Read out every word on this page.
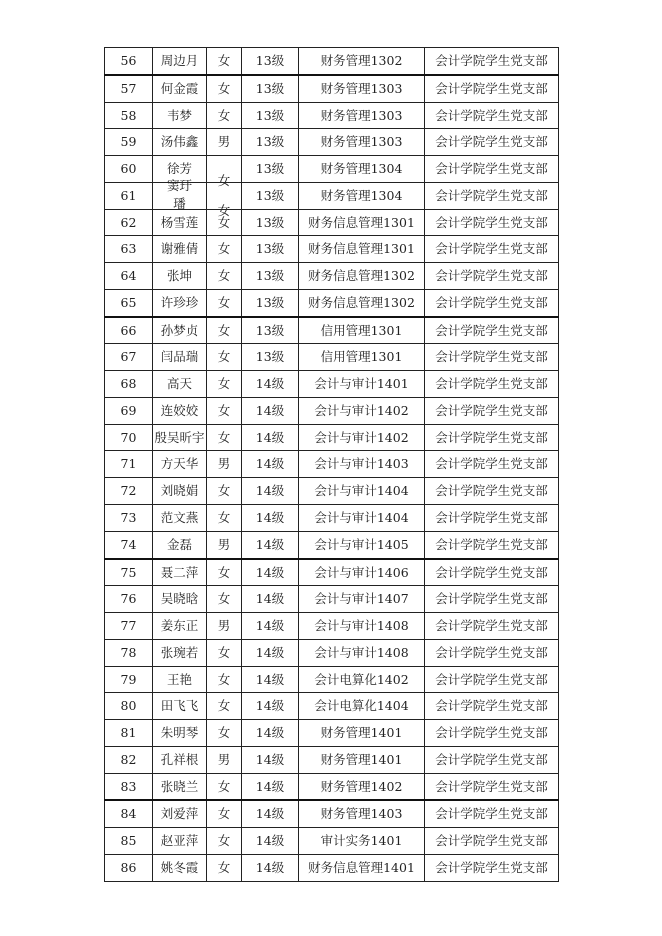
56	周边月	女	13级	财务管理1302	会计学院学生党支部

57	何金霞	女	13级	财务管理1303	会计学院学生党支部

58	韦梦	女	13级	财务管理1303	会计学院学生党支部

59	汤伟鑫	男	13级	财务管理1303	会计学院学生党支部

60	徐芳	女	13级	财务管理1304	会计学院学生党支部

61	窦玗璠	女	13级	财务管理1304	会计学院学生党支部

62	杨雪莲	女	13级	财务信息管理1301	会计学院学生党支部

63	谢雅倩	女	13级	财务信息管理1301	会计学院学生党支部

64	张坤	女	13级	财务信息管理1302	会计学院学生党支部

65	许珍珍	女	13级	财务信息管理1302	会计学院学生党支部

66	孙梦贞	女	13级	信用管理1301	会计学院学生党支部

67	闫品瑞	女	13级	信用管理1301	会计学院学生党支部

68	高天	女	14级	会计与审计1401	会计学院学生党支部

69	连姣姣	女	14级	会计与审计1402	会计学院学生党支部

70	殷吴昕宇	女	14级	会计与审计1402	会计学院学生党支部

71	方天华	男	14级	会计与审计1403	会计学院学生党支部

72	刘晓娟	女	14级	会计与审计1404	会计学院学生党支部

73	范文燕	女	14级	会计与审计1404	会计学院学生党支部

74	金磊	男	14级	会计与审计1405	会计学院学生党支部

75	聂二萍	女	14级	会计与审计1406	会计学院学生党支部

76	吴晓晗	女	14级	会计与审计1407	会计学院学生党支部

77	姜东正	男	14级	会计与审计1408	会计学院学生党支部

78	张琬若	女	14级	会计与审计1408	会计学院学生党支部

79	王艳	女	14级	会计电算化1402	会计学院学生党支部

80	田飞飞	女	14级	会计电算化1404	会计学院学生党支部

81	朱明琴	女	14级	财务管理1401	会计学院学生党支部

82	孔祥根	男	14级	财务管理1401	会计学院学生党支部

83	张晓兰	女	14级	财务管理1402	会计学院学生党支部

84	刘爱萍	女	14级	财务管理1403	会计学院学生党支部

85	赵亚萍	女	14级	审计实务1401	会计学院学生党支部

86	姚冬霞	女	14级	财务信息管理1401	会计学院学生党支部
